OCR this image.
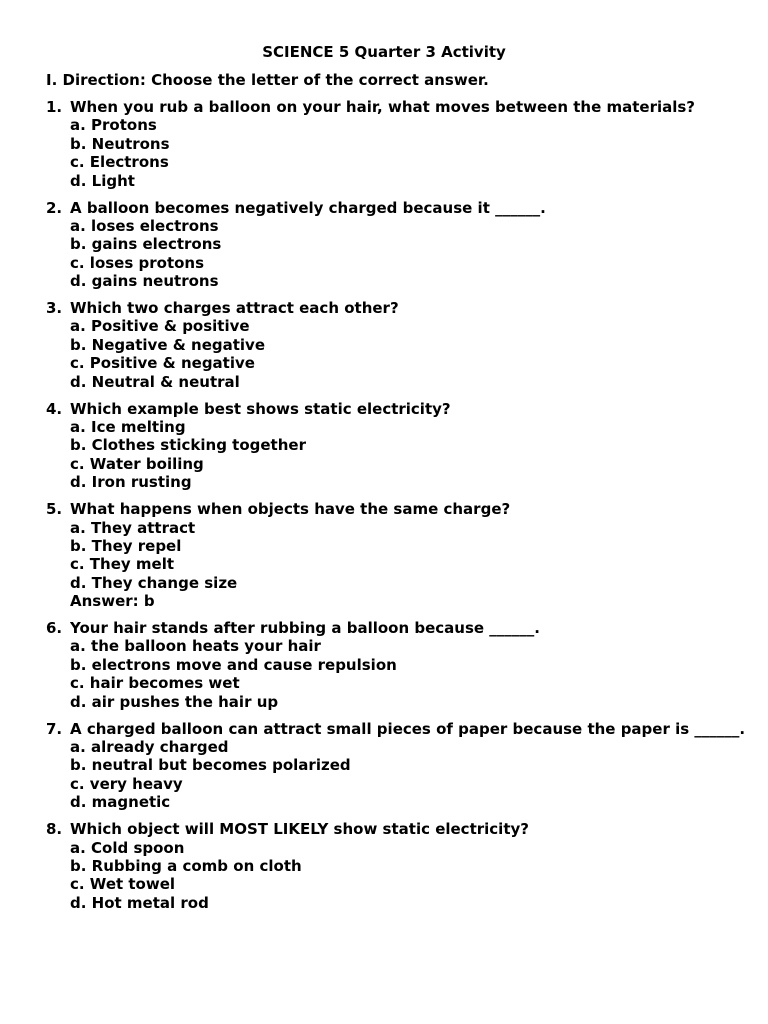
SCIENCE 5 Quarter 3 Activity
I. Direction: Choose the letter of the correct answer.
1. When you rub a balloon on your hair, what moves between the materials?
a. Protons
b. Neutrons
c. Electrons
d. Light
2. A balloon becomes negatively charged because it ______.
a. loses electrons
b. gains electrons
c. loses protons
d. gains neutrons
3. Which two charges attract each other?
a. Positive & positive
b. Negative & negative
c. Positive & negative
d. Neutral & neutral
4. Which example best shows static electricity?
a. Ice melting
b. Clothes sticking together
c. Water boiling
d. Iron rusting
5. What happens when objects have the same charge?
a. They attract
b. They repel
c. They melt
d. They change size
Answer: b
6. Your hair stands after rubbing a balloon because ______.
a. the balloon heats your hair
b. electrons move and cause repulsion
c. hair becomes wet
d. air pushes the hair up
7. A charged balloon can attract small pieces of paper because the paper is ______.
a. already charged
b. neutral but becomes polarized
c. very heavy
d. magnetic
8. Which object will MOST LIKELY show static electricity?
a. Cold spoon
b. Rubbing a comb on cloth
c. Wet towel
d. Hot metal rod
